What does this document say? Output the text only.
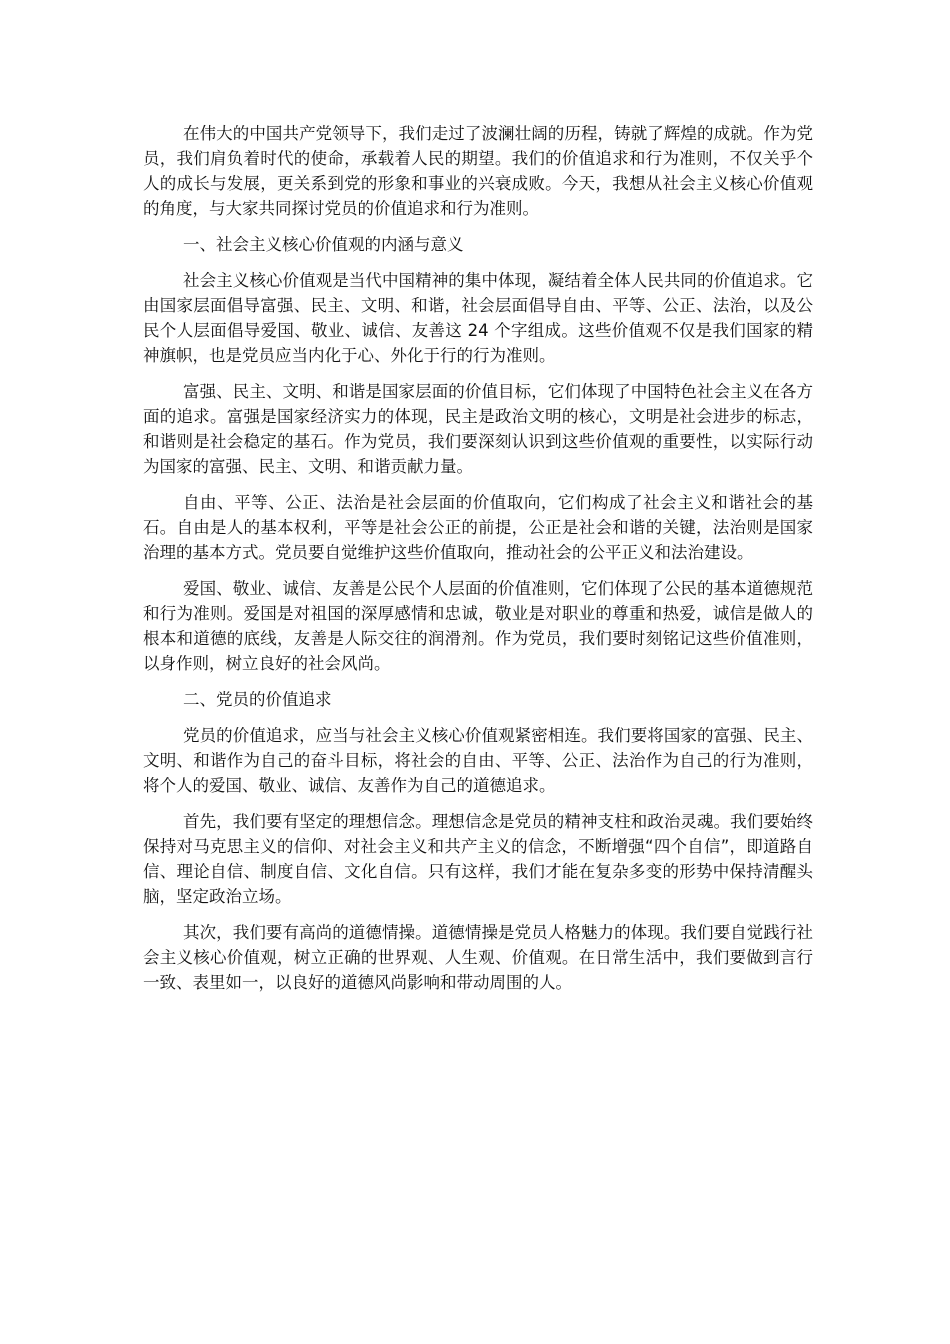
在伟大的中国共产党领导下，我们走过了波澜壮阔的历程，铸就了辉煌的成就。作为党员，我们肩负着时代的使命，承载着人民的期望。我们的价值追求和行为准则，不仅关乎个人的成长与发展，更关系到党的形象和事业的兴衰成败。今天，我想从社会主义核心价值观的角度，与大家共同探讨党员的价值追求和行为准则。

一、社会主义核心价值观的内涵与意义

社会主义核心价值观是当代中国精神的集中体现，凝结着全体人民共同的价值追求。它由国家层面倡导富强、民主、文明、和谐，社会层面倡导自由、平等、公正、法治，以及公民个人层面倡导爱国、敬业、诚信、友善这 24 个字组成。这些价值观不仅是我们国家的精神旗帜，也是党员应当内化于心、外化于行的行为准则。

富强、民主、文明、和谐是国家层面的价值目标，它们体现了中国特色社会主义在各方面的追求。富强是国家经济实力的体现，民主是政治文明的核心，文明是社会进步的标志，和谐则是社会稳定的基石。作为党员，我们要深刻认识到这些价值观的重要性，以实际行动为国家的富强、民主、文明、和谐贡献力量。

自由、平等、公正、法治是社会层面的价值取向，它们构成了社会主义和谐社会的基石。自由是人的基本权利，平等是社会公正的前提，公正是社会和谐的关键，法治则是国家治理的基本方式。党员要自觉维护这些价值取向，推动社会的公平正义和法治建设。

爱国、敬业、诚信、友善是公民个人层面的价值准则，它们体现了公民的基本道德规范和行为准则。爱国是对祖国的深厚感情和忠诚，敬业是对职业的尊重和热爱，诚信是做人的根本和道德的底线，友善是人际交往的润滑剂。作为党员，我们要时刻铭记这些价值准则，以身作则，树立良好的社会风尚。

二、党员的价值追求

党员的价值追求，应当与社会主义核心价值观紧密相连。我们要将国家的富强、民主、文明、和谐作为自己的奋斗目标，将社会的自由、平等、公正、法治作为自己的行为准则，将个人的爱国、敬业、诚信、友善作为自己的道德追求。

首先，我们要有坚定的理想信念。理想信念是党员的精神支柱和政治灵魂。我们要始终保持对马克思主义的信仰、对社会主义和共产主义的信念，不断增强“四个自信”，即道路自信、理论自信、制度自信、文化自信。只有这样，我们才能在复杂多变的形势中保持清醒头脑，坚定政治立场。

其次，我们要有高尚的道德情操。道德情操是党员人格魅力的体现。我们要自觉践行社会主义核心价值观，树立正确的世界观、人生观、价值观。在日常生活中，我们要做到言行一致、表里如一，以良好的道德风尚影响和带动周围的人。
